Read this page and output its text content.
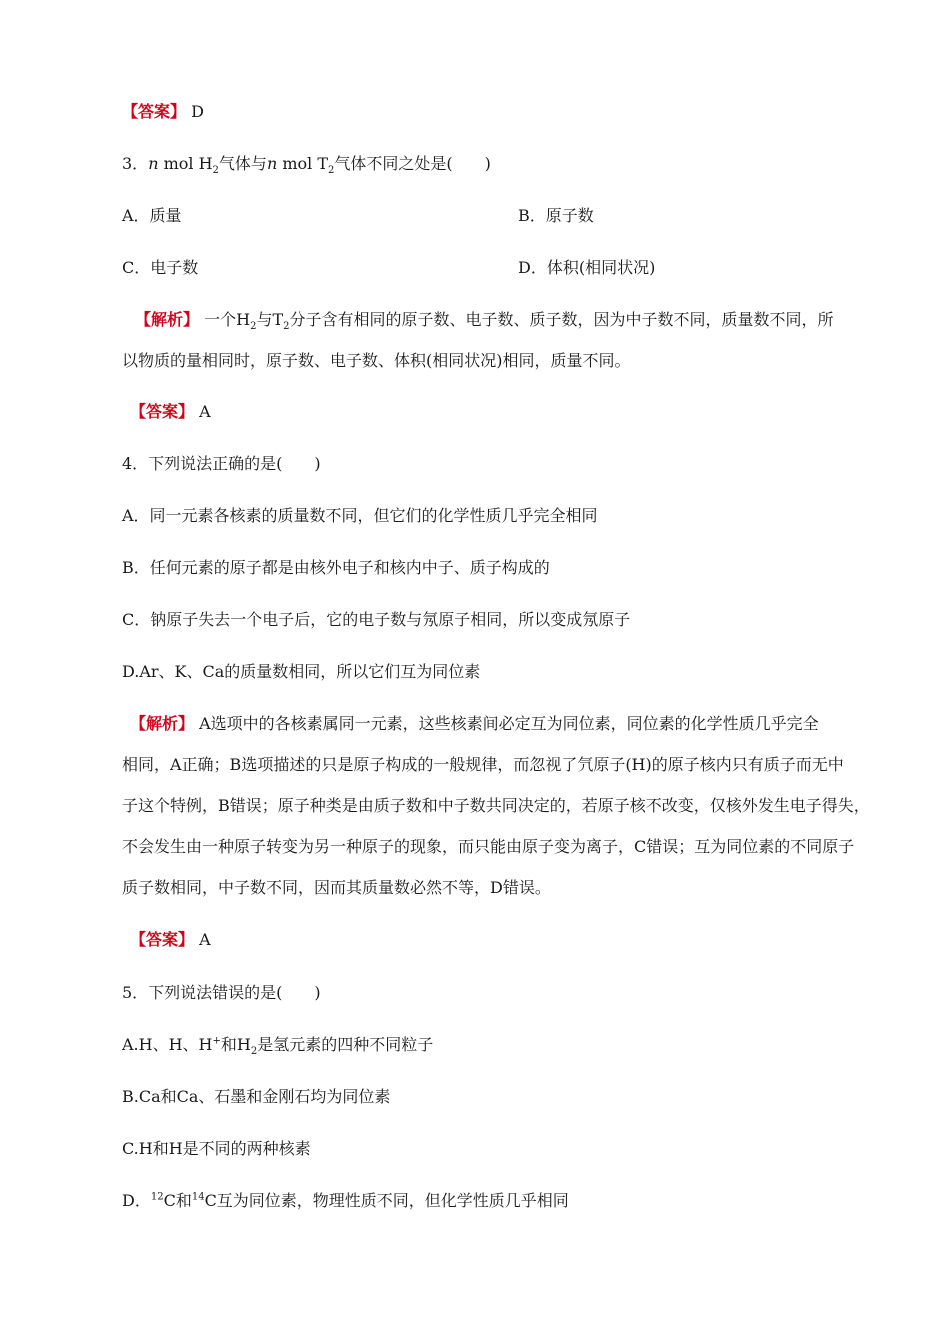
【答案】 D
3．n mol $H_2$气体与n mol $T_2$气体不同之处是(　　)
A．质量	B．原子数
C．电子数	D．体积(相同状况)
【解析】 一个$H_2$与$T_2$分子含有相同的原子数、电子数、质子数，因为中子数不同，质量数不同，所
以物质的量相同时，原子数、电子数、体积(相同状况)相同，质量不同。
【答案】 A
4．下列说法正确的是(　　)
A．同一元素各核素的质量数不同，但它们的化学性质几乎完全相同
B．任何元素的原子都是由核外电子和核内中子、质子构成的
C．钠原子失去一个电子后，它的电子数与氖原子相同，所以变成氖原子
D.Ar、K、Ca的质量数相同，所以它们互为同位素
【解析】 A选项中的各核素属同一元素，这些核素间必定互为同位素，同位素的化学性质几乎完全
相同，A正确；B选项描述的只是原子构成的一般规律，而忽视了氕原子(H)的原子核内只有质子而无中
子这个特例，B错误；原子种类是由质子数和中子数共同决定的，若原子核不改变，仅核外发生电子得失，
不会发生由一种原子转变为另一种原子的现象，而只能由原子变为离子，C错误；互为同位素的不同原子
质子数相同，中子数不同，因而其质量数必然不等，D错误。
【答案】 A
5．下列说法错误的是(　　)
A.H、H、H+和$H_2$是氢元素的四种不同粒子
B.Ca和Ca、石墨和金刚石均为同位素
C.H和H是不同的两种核素
D．$^{12}$C和$^{14}$C互为同位素，物理性质不同，但化学性质几乎相同
